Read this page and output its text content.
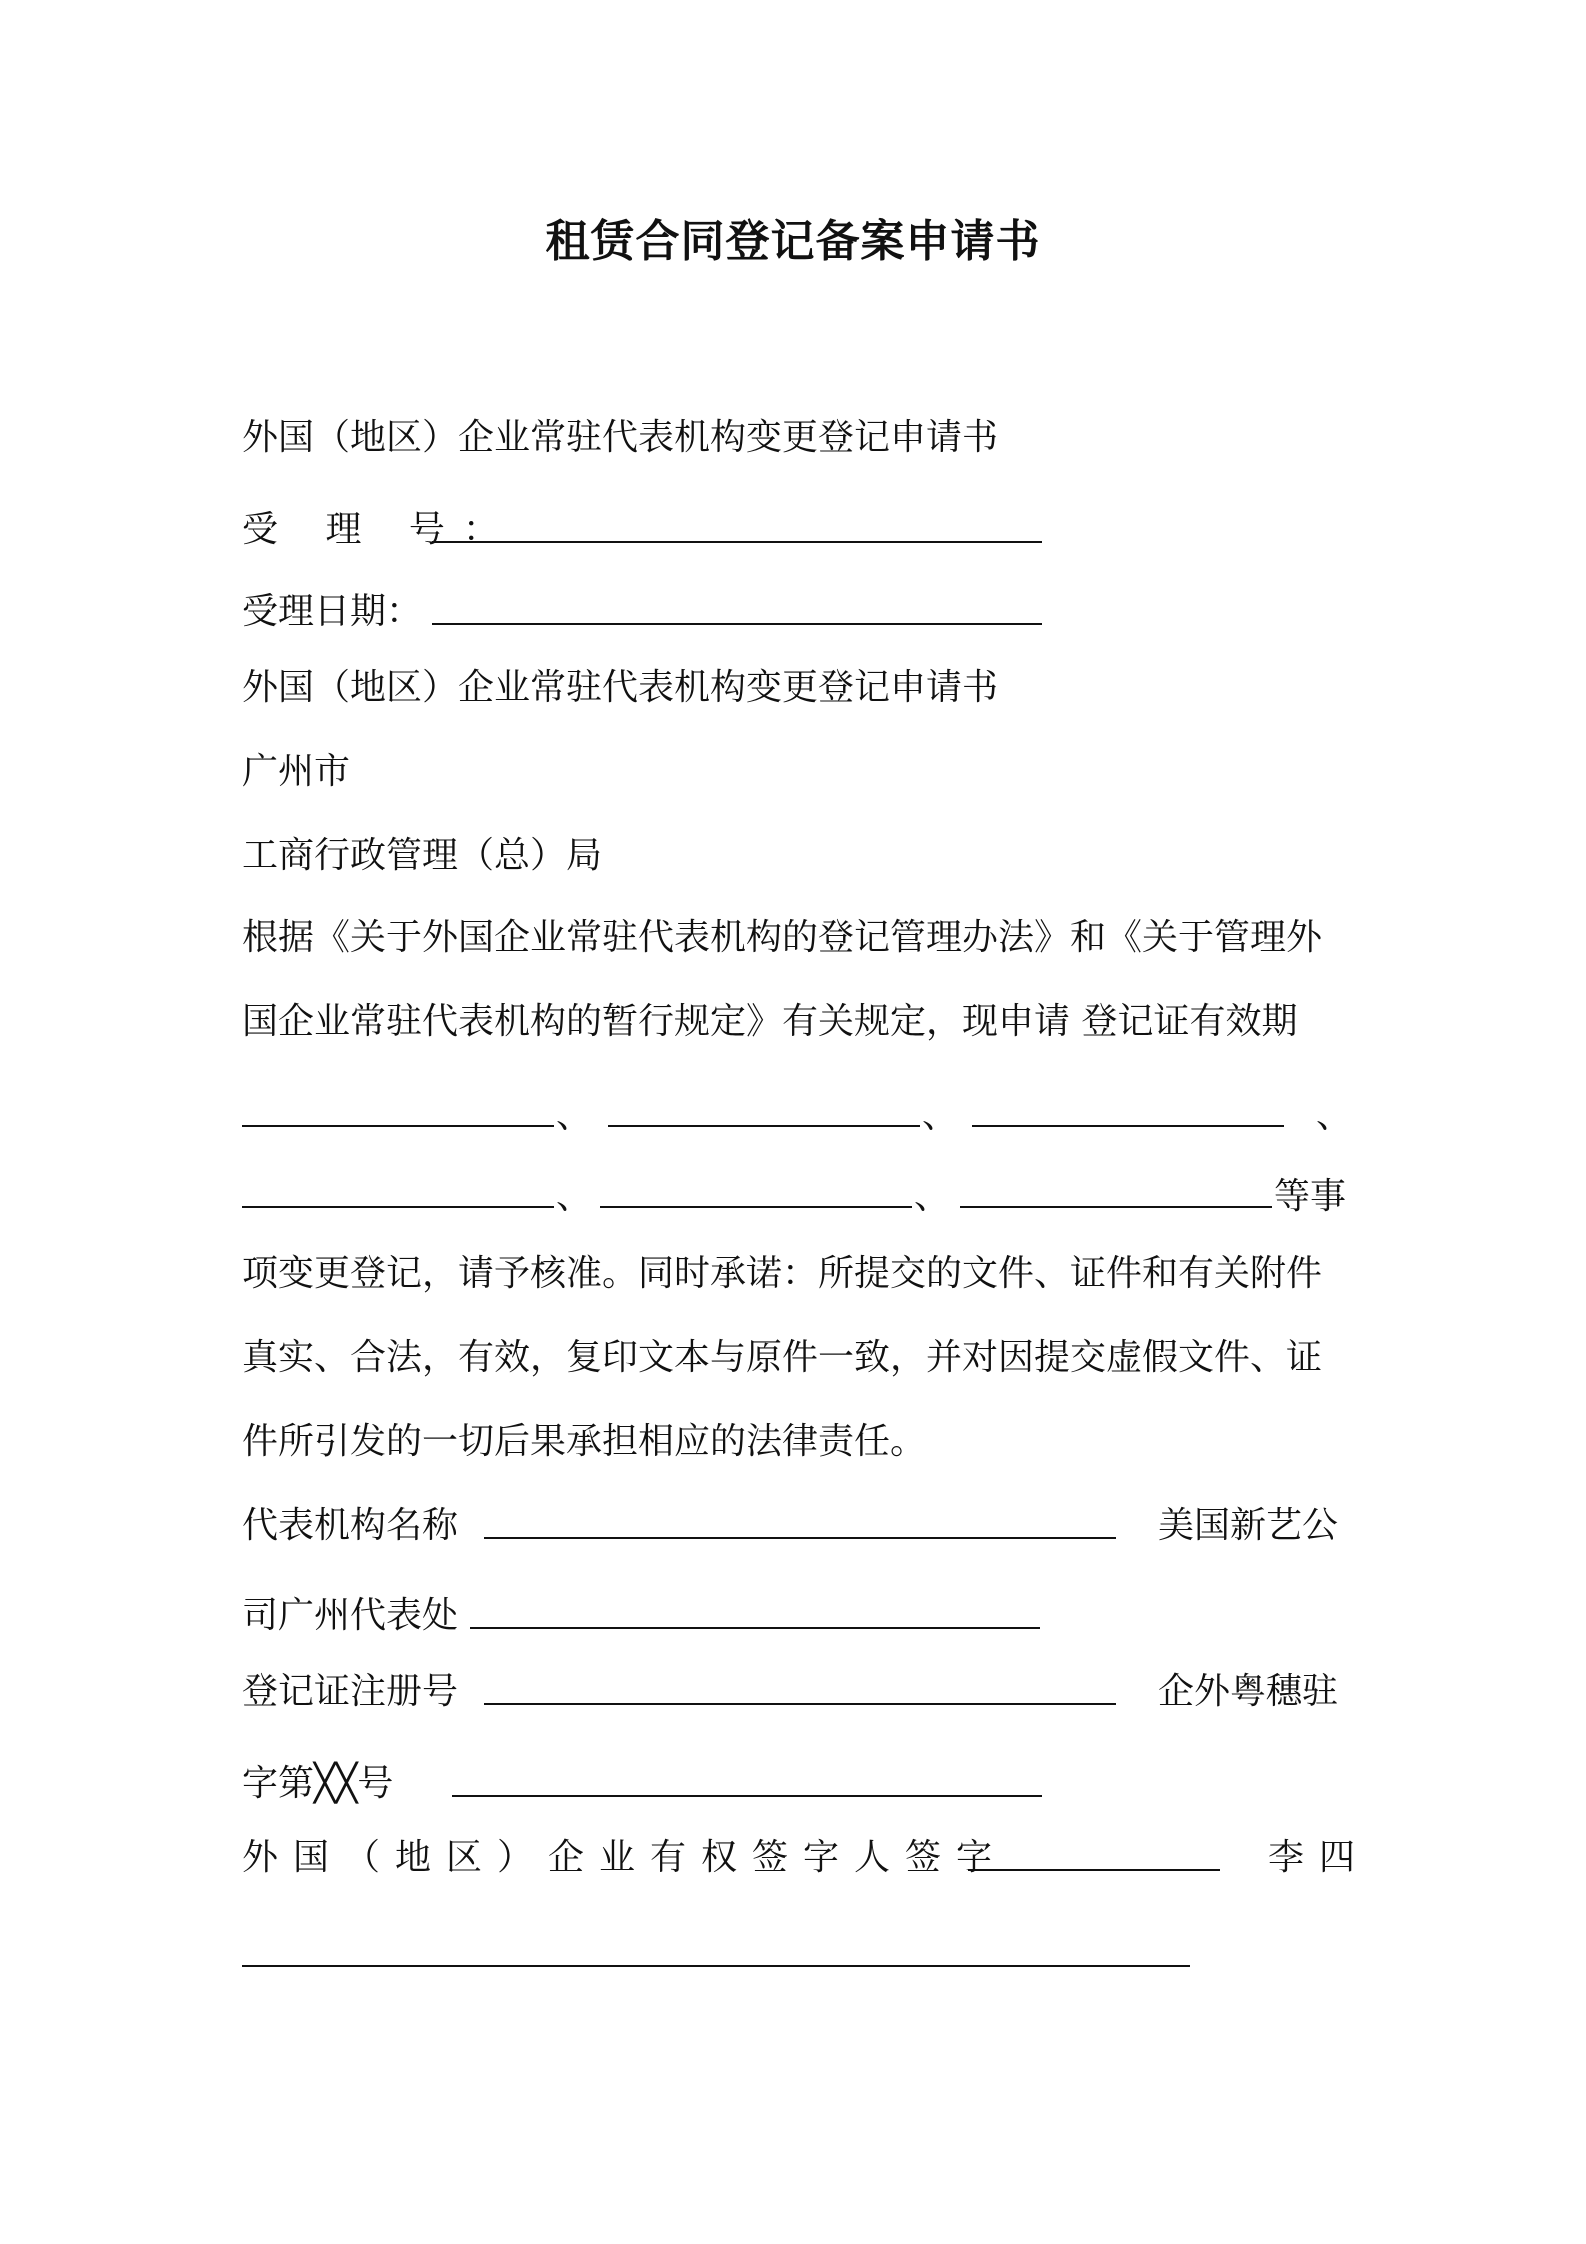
租赁合同登记备案申请书
外国（地区）企业常驻代表机构变更登记申请书
受 理 号：
受理日期：
外国（地区）企业常驻代表机构变更登记申请书
广州市
工商行政管理（总）局
根据《关于外国企业常驻代表机构的登记管理办法》和《关于管理外
国企业常驻代表机构的暂行规定》有关规定，现申请 登记证有效期
、	、	、
、	、	等事
项变更登记，请予核准。同时承诺：所提交的文件、证件和有关附件
真实、合法，有效，复印文本与原件一致，并对因提交虚假文件、证
件所引发的一切后果承担相应的法律责任。
代表机构名称	美国新艺公
司广州代表处
登记证注册号	企外粤穗驻
字第╳╳号
外国（地区）企业有权签字人签字	李四
